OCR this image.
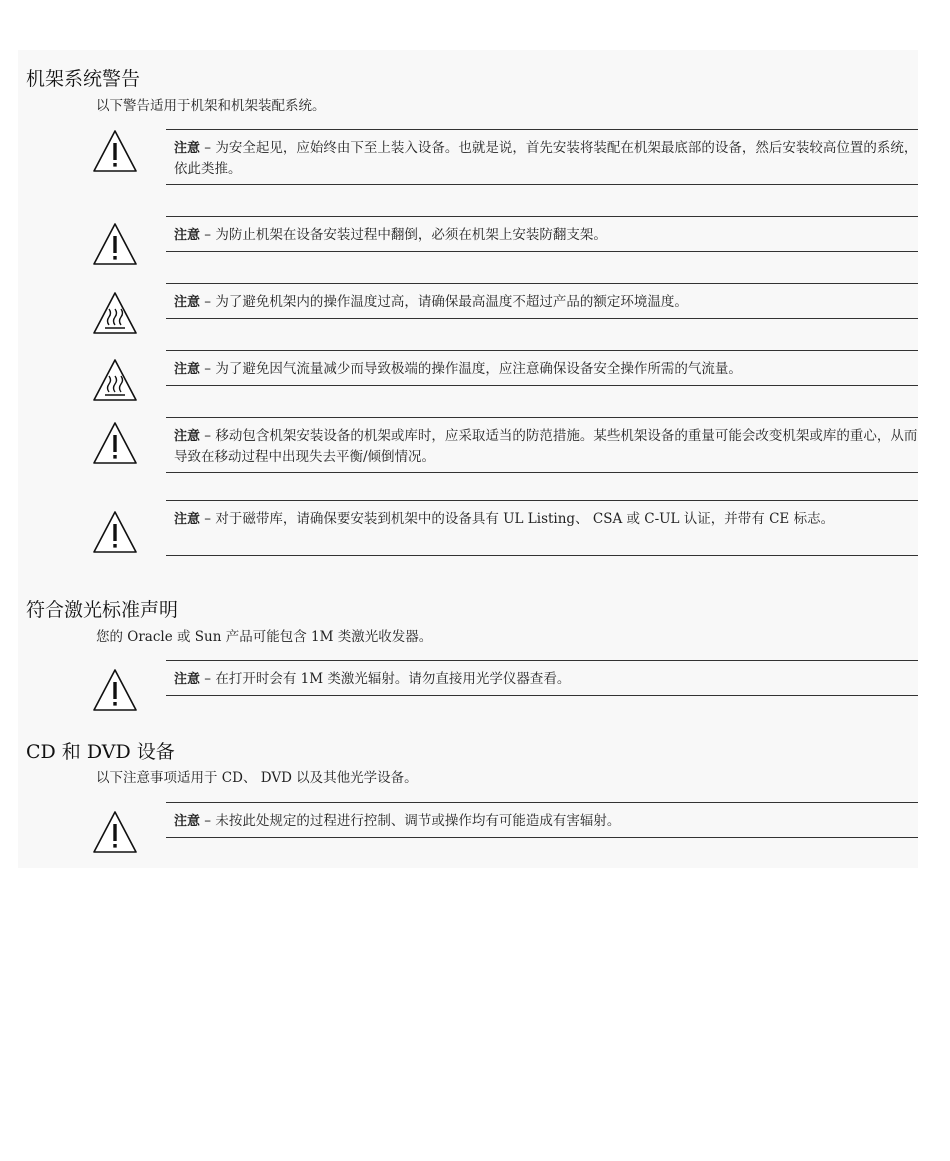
机架系统警告
以下警告适用于机架和机架装配系统。
注意 – 为安全起见，应始终由下至上装入设备。也就是说，首先安装将装配在机架最底部的设备，然后安装较高位置的系统，依此类推。
注意 – 为防止机架在设备安装过程中翻倒，必须在机架上安装防翻支架。
注意 – 为了避免机架内的操作温度过高，请确保最高温度不超过产品的额定环境温度。
注意 – 为了避免因气流量减少而导致极端的操作温度，应注意确保设备安全操作所需的气流量。
注意 – 移动包含机架安装设备的机架或库时，应采取适当的防范措施。某些机架设备的重量可能会改变机架或库的重心，从而导致在移动过程中出现失去平衡/倾倒情况。
注意 – 对于磁带库，请确保要安装到机架中的设备具有 UL Listing、 CSA 或 C-UL 认证，并带有 CE 标志。
符合激光标准声明
您的 Oracle 或 Sun 产品可能包含 1M 类激光收发器。
注意 – 在打开时会有 1M 类激光辐射。请勿直接用光学仪器查看。
CD 和 DVD 设备
以下注意事项适用于 CD、 DVD 以及其他光学设备。
注意 – 未按此处规定的过程进行控制、调节或操作均有可能造成有害辐射。
